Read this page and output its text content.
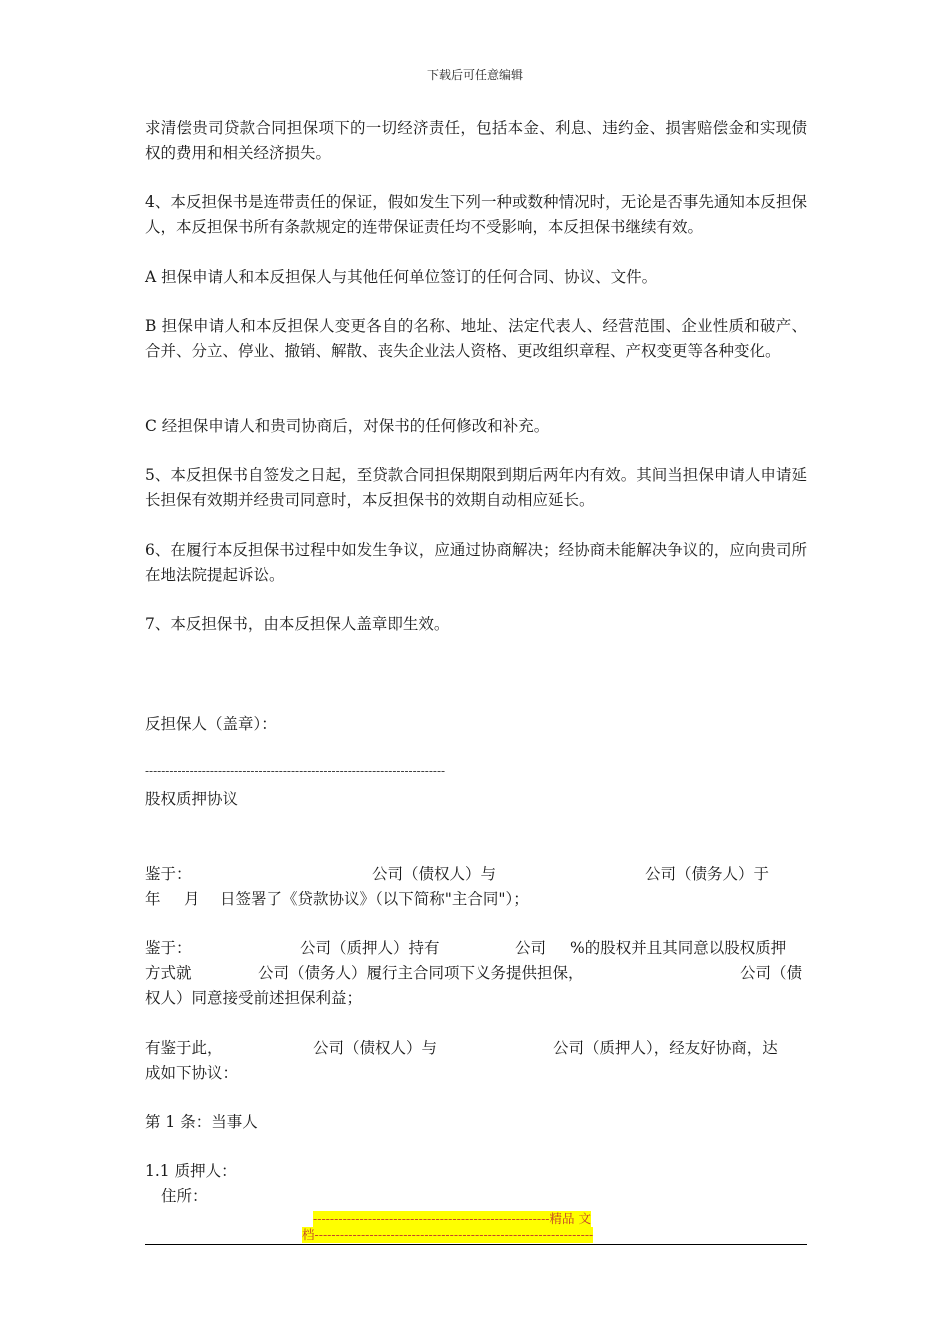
下载后可任意编辑

求清偿贵司贷款合同担保项下的一切经济责任，包括本金、利息、违约金、损害赔偿金和实现债权的费用和相关经济损失。

4、本反担保书是连带责任的保证，假如发生下列一种或数种情况时，无论是否事先通知本反担保人，本反担保书所有条款规定的连带保证责任均不受影响，本反担保书继续有效。

A 担保申请人和本反担保人与其他任何单位签订的任何合同、协议、文件。

B 担保申请人和本反担保人变更各自的名称、地址、法定代表人、经营范围、企业性质和破产、合并、分立、停业、撤销、解散、丧失企业法人资格、更改组织章程、产权变更等各种变化。

C 经担保申请人和贵司协商后，对保书的任何修改和补充。

5、本反担保书自签发之日起，至贷款合同担保期限到期后两年内有效。其间当担保申请人申请延长担保有效期并经贵司同意时，本反担保书的效期自动相应延长。

6、在履行本反担保书过程中如发生争议，应通过协商解决；经协商未能解决争议的，应向贵司所在地法院提起诉讼。

7、本反担保书，由本反担保人盖章即生效。

反担保人（盖章）：
--------------------------------------------------------------------------
股权质押协议
鉴于：	公司（债权人）与	公司（债务人）于
年 月 日签署了《贷款协议》（以下简称"主合同"）；
鉴于：	公司（质押人）持有	公司 %的股权并且其同意以股权质押
方式就	公司（债务人）履行主合同项下义务提供担保，	公司（债
权人）同意接受前述担保利益；
有鉴于此，	公司（债权人）与	公司（质押人），经友好协商，达
成如下协议：
第 1 条：当事人
1.1 质押人：
住所：
--------------------------------------------------------精品 文
档------------------------------------------------------------------
